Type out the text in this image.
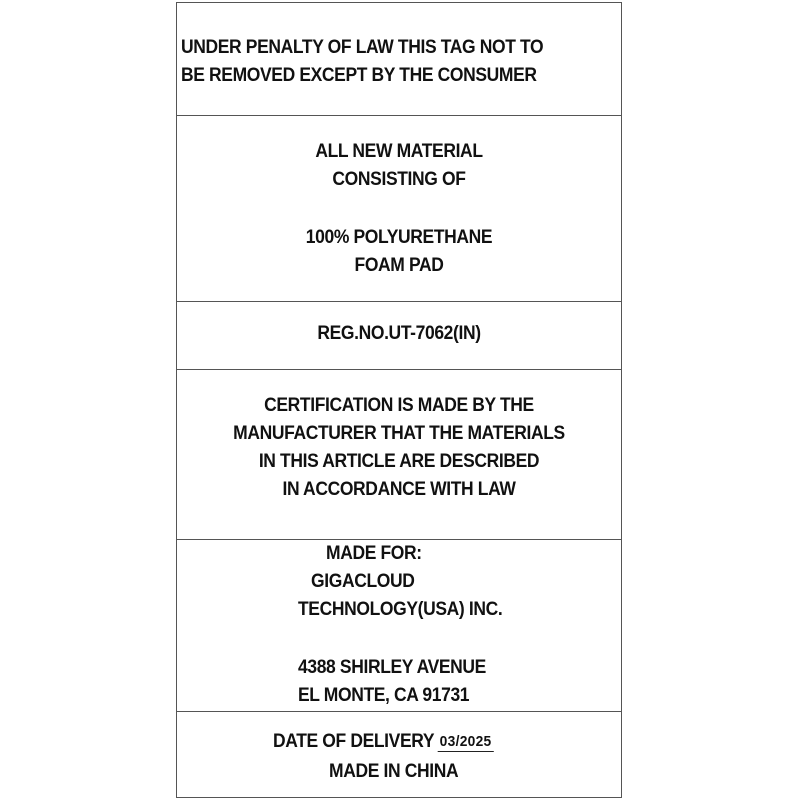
UNDER PENALTY OF LAW THIS TAG NOT TO
BE REMOVED EXCEPT BY THE CONSUMER
ALL NEW MATERIAL
CONSISTING OF
100% POLYURETHANE
FOAM PAD
REG.NO.UT-7062(IN)
CERTIFICATION IS MADE BY THE
MANUFACTURER THAT THE MATERIALS
IN THIS ARTICLE ARE DESCRIBED
IN ACCORDANCE WITH LAW
MADE FOR:
GIGACLOUD
TECHNOLOGY(USA) INC.
4388 SHIRLEY AVENUE
EL MONTE, CA 91731
DATE OF DELIVERY 03/2025
MADE IN CHINA
